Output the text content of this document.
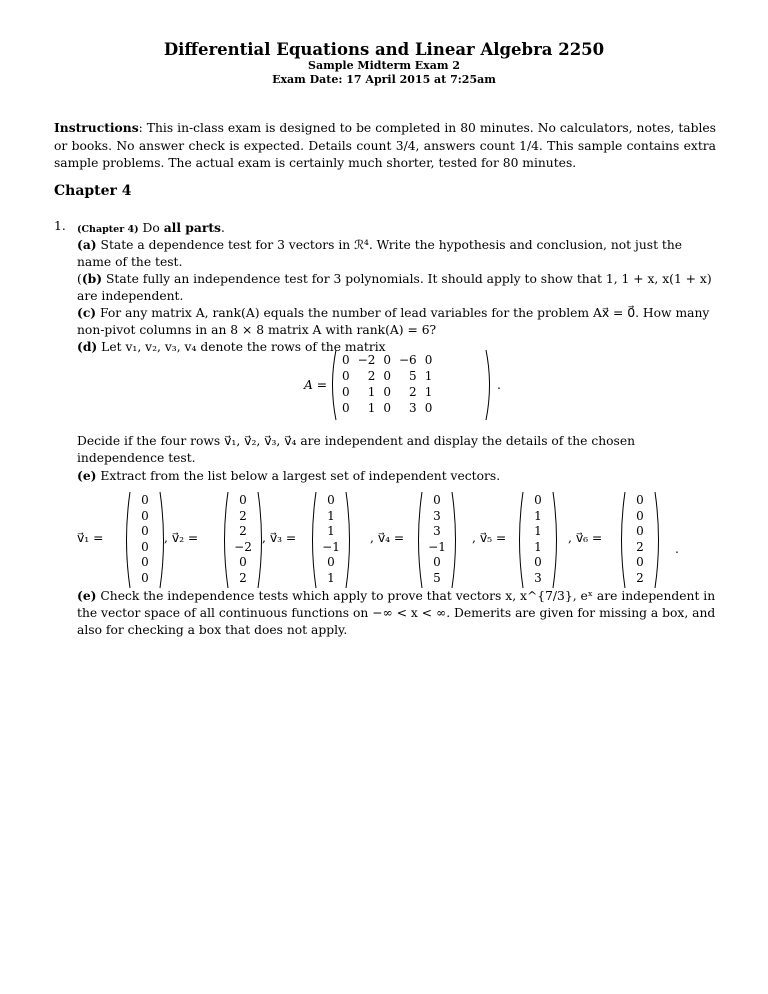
Differential Equations and Linear Algebra 2250
Sample Midterm Exam 2
Exam Date: 17 April 2015 at 7:25am
Instructions: This in-class exam is designed to be completed in 80 minutes. No calculators, notes, tables or books. No answer check is expected. Details count 3/4, answers count 1/4. This sample contains extra sample problems. The actual exam is certainly much shorter, tested for 80 minutes.
Chapter 4
1. (Chapter 4) Do all parts.
(a) State a dependence test for 3 vectors in ℛ⁴. Write the hypothesis and conclusion, not just the name of the test.
((b) State fully an independence test for 3 polynomials. It should apply to show that 1, 1 + x, x(1 + x) are independent.
(c) For any matrix A, rank(A) equals the number of lead variables for the problem Ax⃗ = 0⃗. How many non-pivot columns in an 8 × 8 matrix A with rank(A) = 6?
(d) Let v₁, v₂, v₃, v₄ denote the rows of the matrix
A =
0	−2	0	−6	0
0	2	0	5	1
0	1	0	2	1
0	1	0	3	0
.
Decide if the four rows v⃗₁, v⃗₂, v⃗₃, v⃗₄ are independent and display the details of the chosen independence test.
(e) Extract from the list below a largest set of independent vectors.
v⃗₁ =
0
0
0
0
0
0
, v⃗₂ =
0
2
2
−2
0
2
, v⃗₃ =
0
1
1
−1
0
1
, v⃗₄ =
0
3
3
−1
0
5
, v⃗₅ =
0
1
1
1
0
3
, v⃗₆ =
0
0
0
2
0
2
.
(e) Check the independence tests which apply to prove that vectors x, x^{7/3}, eˣ are independent in the vector space of all continuous functions on −∞ < x < ∞. Demerits are given for missing a box, and also for checking a box that does not apply.
